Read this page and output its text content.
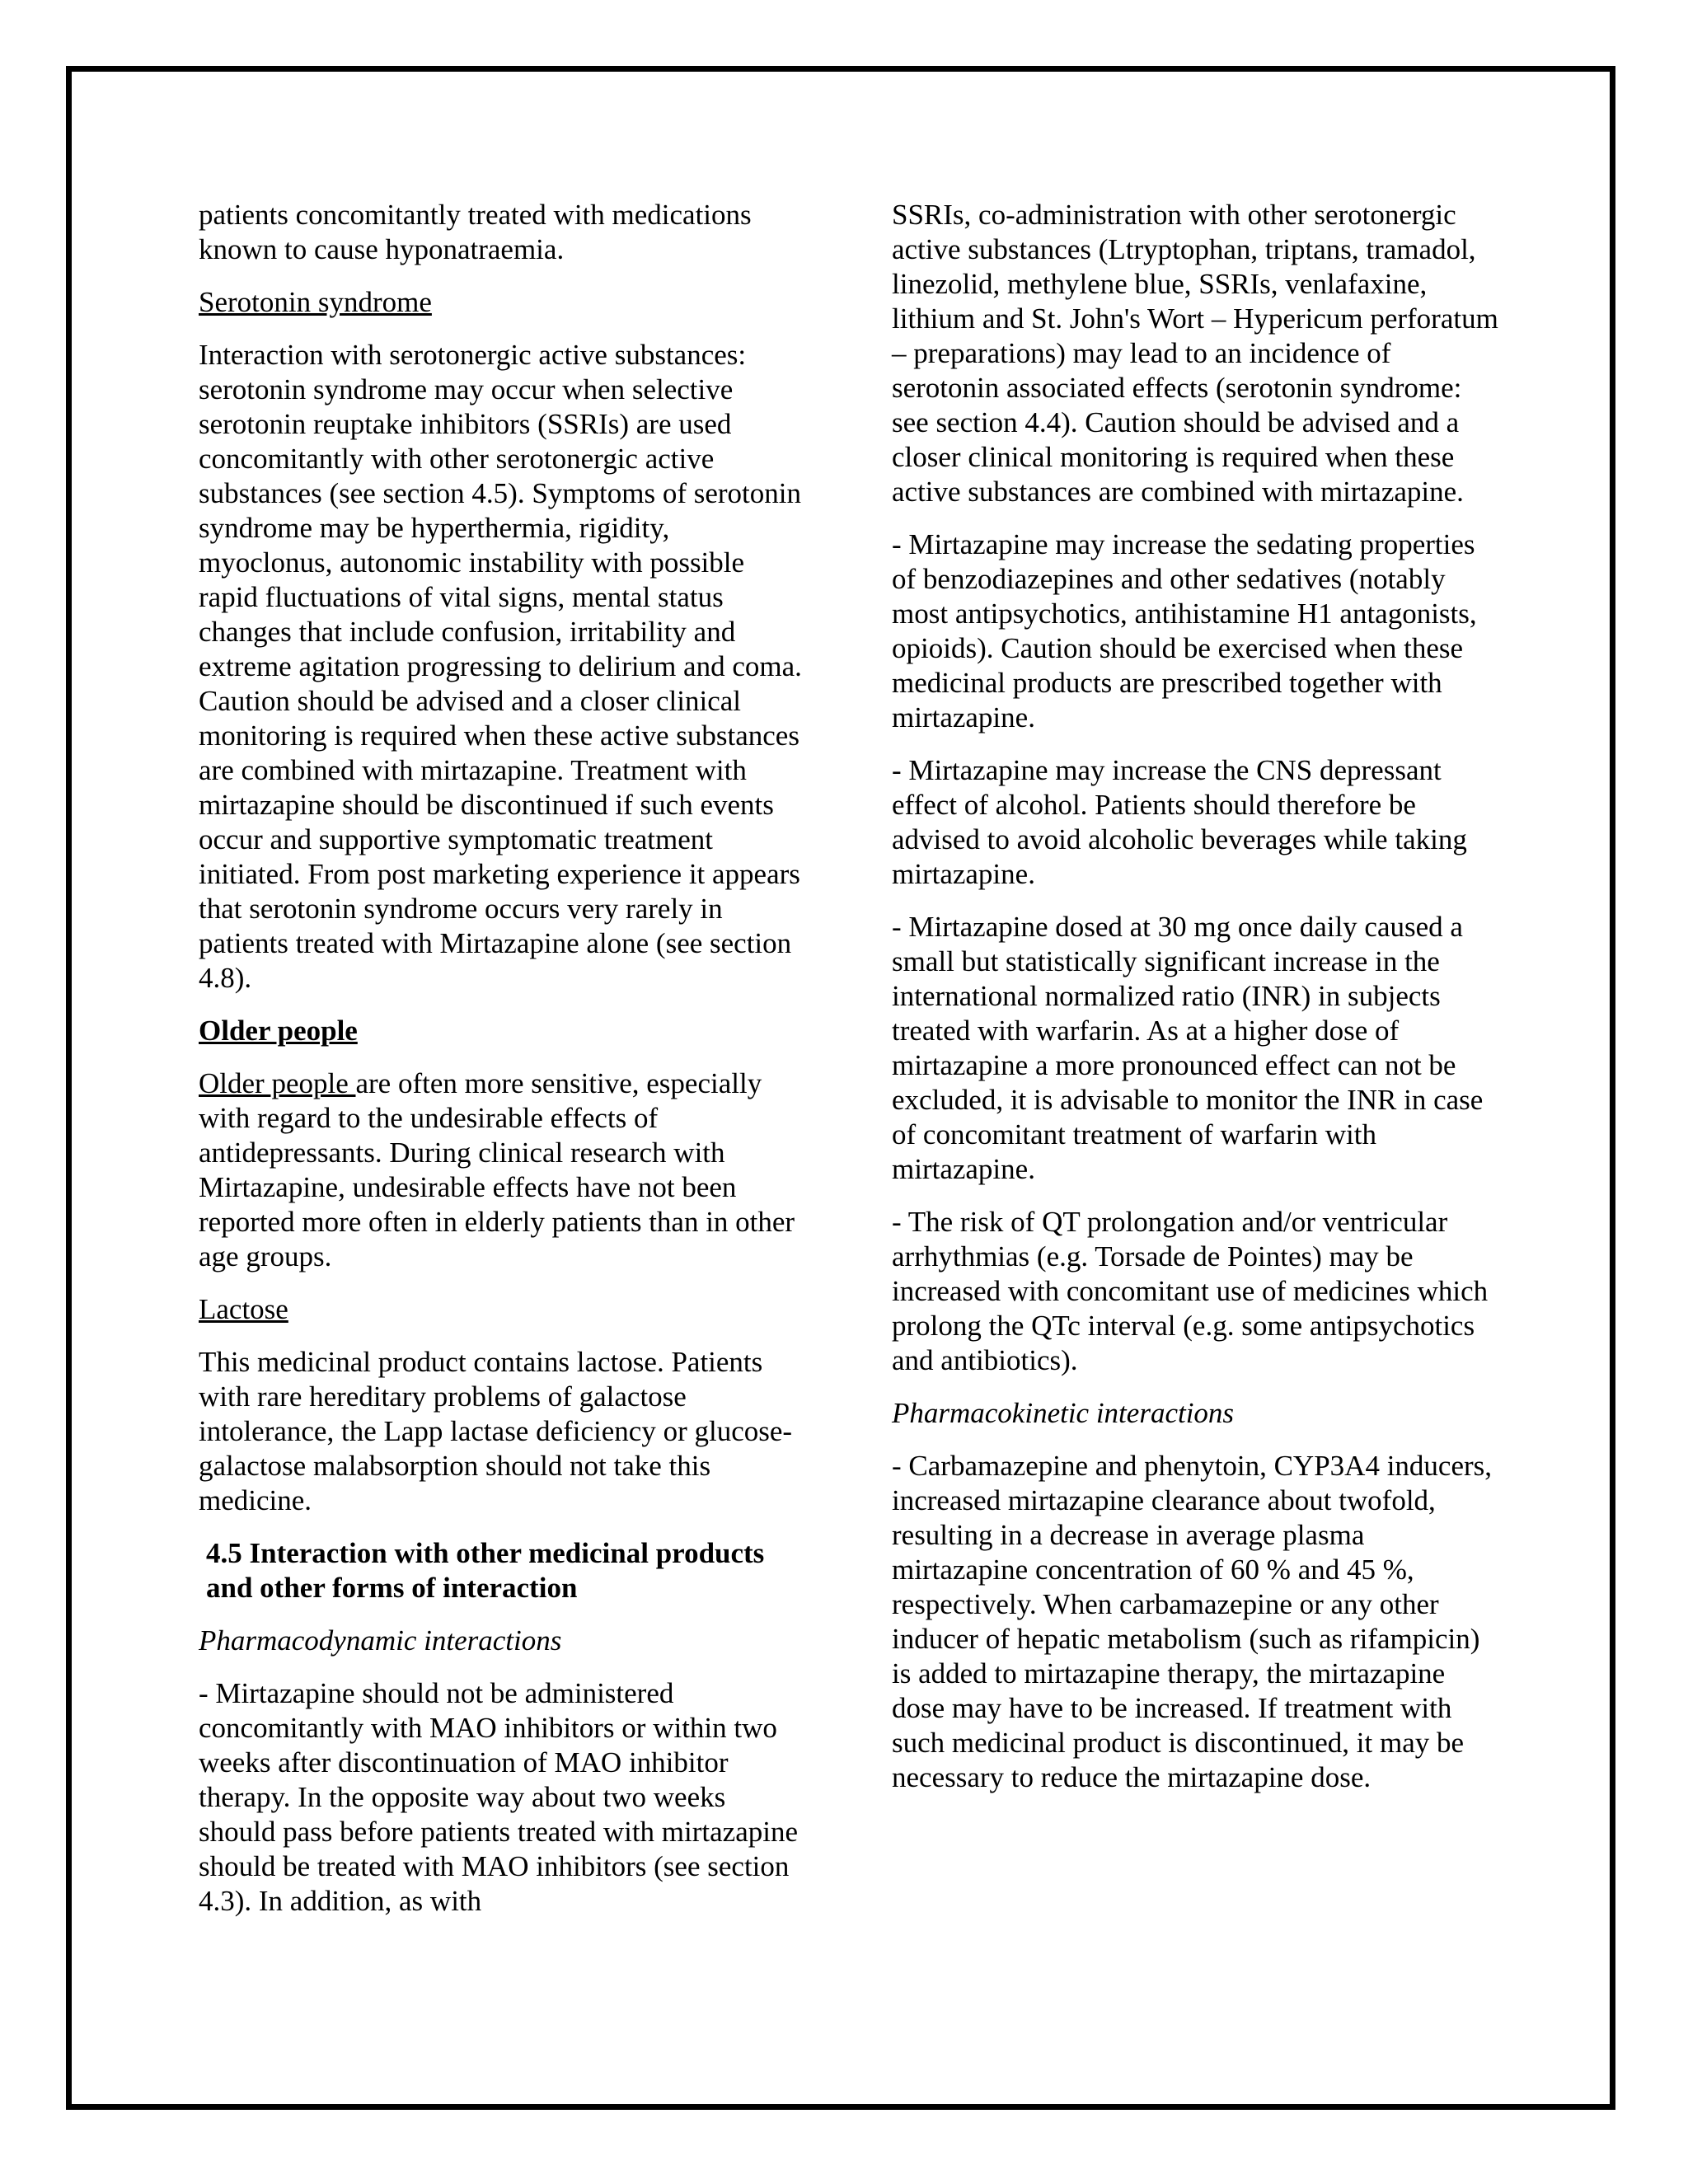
patients concomitantly treated with medications known to cause hyponatraemia.

Serotonin syndrome

Interaction with serotonergic active substances: serotonin syndrome may occur when selective serotonin reuptake inhibitors (SSRIs) are used concomitantly with other serotonergic active substances (see section 4.5). Symptoms of serotonin syndrome may be hyperthermia, rigidity, myoclonus, autonomic instability with possible rapid fluctuations of vital signs, mental status changes that include confusion, irritability and extreme agitation progressing to delirium and coma. Caution should be advised and a closer clinical monitoring is required when these active substances are combined with mirtazapine. Treatment with mirtazapine should be discontinued if such events occur and supportive symptomatic treatment initiated. From post marketing experience it appears that serotonin syndrome occurs very rarely in patients treated with Mirtazapine alone (see section 4.8).

Older people

Older people are often more sensitive, especially with regard to the undesirable effects of antidepressants. During clinical research with Mirtazapine, undesirable effects have not been reported more often in elderly patients than in other age groups.

Lactose

This medicinal product contains lactose. Patients with rare hereditary problems of galactose intolerance, the Lapp lactase deficiency or glucose-galactose malabsorption should not take this medicine.

4.5 Interaction with other medicinal products and other forms of interaction

Pharmacodynamic interactions

- Mirtazapine should not be administered concomitantly with MAO inhibitors or within two weeks after discontinuation of MAO inhibitor therapy. In the opposite way about two weeks should pass before patients treated with mirtazapine should be treated with MAO inhibitors (see section 4.3). In addition, as with

SSRIs, co-administration with other serotonergic active substances (Ltryptophan, triptans, tramadol, linezolid, methylene blue, SSRIs, venlafaxine, lithium and St. John's Wort – Hypericum perforatum – preparations) may lead to an incidence of serotonin associated effects (serotonin syndrome: see section 4.4). Caution should be advised and a closer clinical monitoring is required when these active substances are combined with mirtazapine.

- Mirtazapine may increase the sedating properties of benzodiazepines and other sedatives (notably most antipsychotics, antihistamine H1 antagonists, opioids). Caution should be exercised when these medicinal products are prescribed together with mirtazapine.

- Mirtazapine may increase the CNS depressant effect of alcohol. Patients should therefore be advised to avoid alcoholic beverages while taking mirtazapine.

- Mirtazapine dosed at 30 mg once daily caused a small but statistically significant increase in the international normalized ratio (INR) in subjects treated with warfarin. As at a higher dose of mirtazapine a more pronounced effect can not be excluded, it is advisable to monitor the INR in case of concomitant treatment of warfarin with mirtazapine.

- The risk of QT prolongation and/or ventricular arrhythmias (e.g. Torsade de Pointes) may be increased with concomitant use of medicines which prolong the QTc interval (e.g. some antipsychotics and antibiotics).

Pharmacokinetic interactions

- Carbamazepine and phenytoin, CYP3A4 inducers, increased mirtazapine clearance about twofold, resulting in a decrease in average plasma mirtazapine concentration of 60 % and 45 %, respectively. When carbamazepine or any other inducer of hepatic metabolism (such as rifampicin) is added to mirtazapine therapy, the mirtazapine dose may have to be increased. If treatment with such medicinal product is discontinued, it may be necessary to reduce the mirtazapine dose.
